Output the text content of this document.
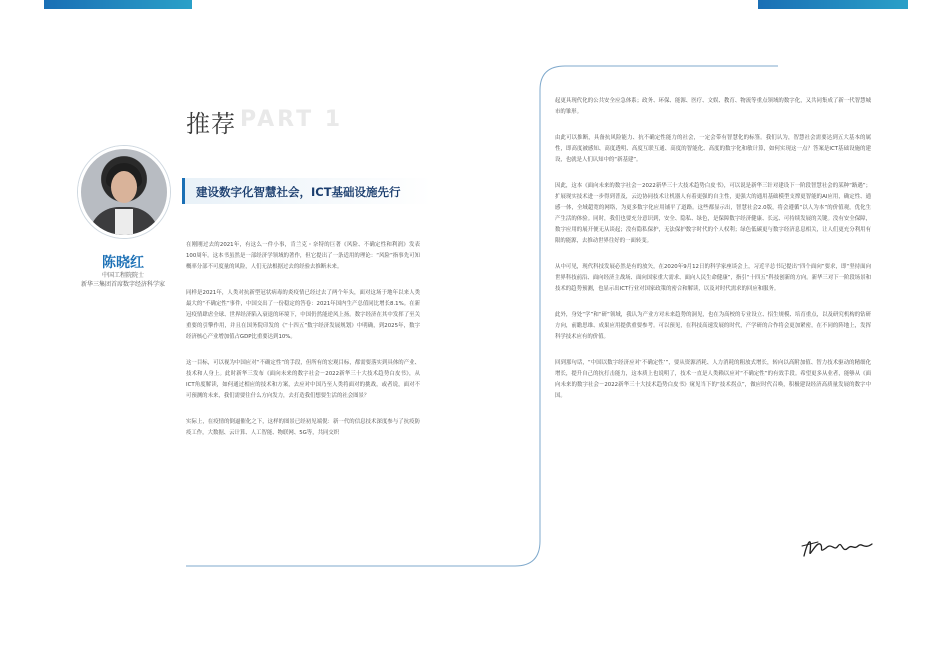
推荐 PART 1
陈晓红
中国工程院院士
新华三集团首席数字经济科学家
建设数字化智慧社会，ICT基础设施先行

在刚刚过去的2021年，有这么一件小事，肯兰克・奈特的巨著《风险、不确定性和利润》发表100周年。这本书虽然是一部经济学领域的著作，但它提出了一条适用的理论：“风险”指事先可知概率分部不可度量的风险，人们无法根据过去的经验去推断未来。

同样是2021年，人类对抗新型冠状病毒的炎疫情已经过去了两个年头，面对这场于地年以来人类最大的“不确定性”事件，中国交出了一份稳定的答卷：2021年国内生产总值同比增长8.1%。在新冠疫情肆虐全球、世界经济陷入衰退的环境下，中国仍然能逆风上扬。数字经济在其中发挥了至关重要的引擎作用，并且在国务院印发的《“十四五”数字经济发展规划》中明确，到2025年，数字经济核心产业增加值占GDP比重要达到10%。

这一目标，可以视为中国应对“不确定性”的手段，但所有的宏观目标，都需要落实到具体的产业、技术和人身上。此时新华三发布《面向未来的数字社会－2022新华三十大技术趋势白皮书》，从ICT角度解读，如何通过相应的技术和方案，去应对中国乃至人类将面对的挑战，或者说，面对不可预测的未来，我们需要往什么方向发力，去打造我们想要生活的社会图景？

实际上，在疫情的倒逼催化之下，这样的图景已经初见端倪：新一代的信息技术深度参与了抗疫防疫工作，大数据、云计算、人工智能、物联网、5G等，共同交织

起更具现代化的公共安全应急体系；政务、环保、能源、医疗、文娱、教育、物流等重点领域的数字化，又共同集成了新一代智慧城市的雏形。

由此可以推断，具备抗风险能力、抗不确定性能力的社会，一定会带有智慧化的标签。我们认为，智慧社会需要达到五大基本的属性，即高度被感知、高度透明、高度互联互通、高度的智能化、高度的数字化和敏计算，如何实现这一点？答案是ICT基础设施的建设，也就是人们认知中的“新基建”。

因此，这本《面向未来的数字社会－2022新华三十大技术趋势白皮书》，可以说是新华三针对建设下一阶段智慧社会的某种“路遇”；扩展现实技术进一步得到普及，云边协同技术让机器人有着更强的自主性，更强大的通用基础模型支撑更智能的AI应用，确定性、通感一体，全域超宽的网络，为更多数字化应用铺平了道路。这些都显示出，智慧社会2.0版，将会遵循“以人为本”的价值观，优化生产生活的体验。同时，我们也要充分意识到，安全、隐私、绿色，是保障数字经济健康、长远、可持续发展的关键。没有安全保障，数字应用的展开便无从谈起；没有隐私保护，无法保护数字时代的个人权利；绿色低碳更与数字经济息息相关，让人们更充分利用有限的能源，去推动世界往好的一面转变。

从中可见，现代科技发展必然是有的放矢，在2020年9月12日的科学家座谈会上，习近平总书记提出“四个面向”要求，即“坚持面向世界科技前沿、面向经济主战场、面向国家重大需求、面向人民生命健康”，指引“十四五”科技创新的方向。新华三对下一阶段场景和技术的趋势预测，也显示出ICT行业对国家政策的密合和解读，以及对时代需求的回应和服务。

此外，身处“学”和“研”领域，我认为产业方对未来趋势的洞见，也在为高校的专业设立、招生规模、培育重点，以及研究机构的钻研方向，前瞻思维、成果应用提供重要参考。可以预见，在科技高速发展的时代，产学研的合作将会更加紧密，在不同的阵地上，发挥科学技术应有的价值。

回到那句话，“中国以数字经济应对‘不确定性’”，要从资源消耗、人力消耗的粗放式增长，转向以高附加值、智力技术驱动的精细化增长，提升自己的抗打击能力，这本质上也说明了，技术一直是人类赖以应对“不确定性”的有效手段。希望更多从业者，能够从《面向未来的数字社会－2022新华三十大技术趋势白皮书》窥见当下的“技术拐点”，做应时代召唤，积极建设经济高质量发展的数字中国。
